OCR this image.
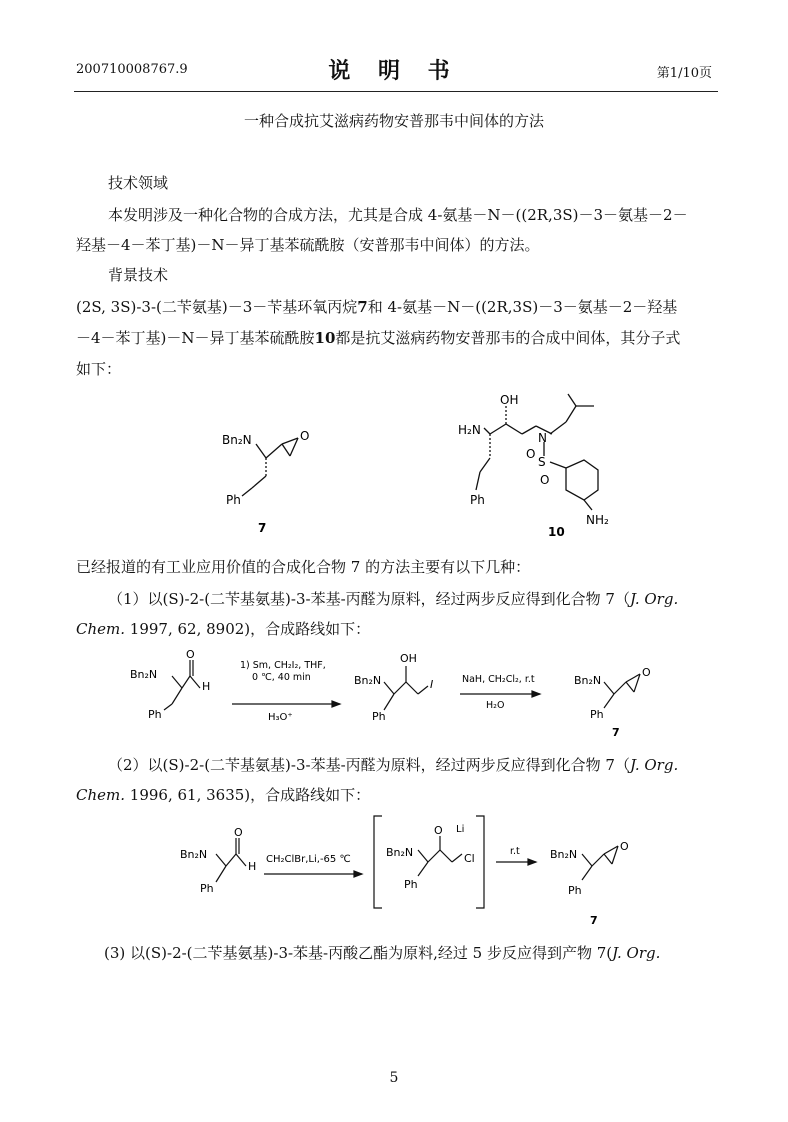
200710008767.9	说 明 书	第1/10页
一种合成抗艾滋病药物安普那韦中间体的方法
技术领域
本发明涉及一种化合物的合成方法，尤其是合成 4-氨基－N－((2R,3S)－3－氨基－2－
羟基－4－苯丁基)－N－异丁基苯硫酰胺（安普那韦中间体）的方法。
背景技术
(2S, 3S)-3-(二苄氨基)－3－苄基环氧丙烷7和 4-氨基－N－((2R,3S)－3－氨基－2－羟基
－4－苯丁基)－N－异丁基苯硫酰胺10都是抗艾滋病药物安普那韦的合成中间体，其分子式
如下：
Bn₂N	O
Ph
7
H₂N
OH
N
S
O
O
Ph
NH₂
10
已经报道的有工业应用价值的合成化合物 7 的方法主要有以下几种：
（1）以(S)-2-(二苄基氨基)-3-苯基-丙醛为原料，经过两步反应得到化合物 7（J. Org.
Chem. 1997, 62, 8902)，合成路线如下：
Bn₂N
O
H
Ph
1) Sm, CH₂I₂, THF,
0 ℃, 40 min
H₃O⁺
Bn₂N
OH
I
Ph
NaH, CH₂Cl₂, r.t
H₂O
Bn₂N
O
Ph
7
（2）以(S)-2-(二苄基氨基)-3-苯基-丙醛为原料，经过两步反应得到化合物 7（J. Org.
Chem. 1996, 61, 3635)，合成路线如下：
Bn₂N
O
H
Ph
CH₂ClBr,Li,-65 ℃
Bn₂N
O Li
Cl
Ph
r.t	Bn₂N
O
Ph
7
(3) 以(S)-2-(二苄基氨基)-3-苯基-丙酸乙酯为原料,经过 5 步反应得到产物 7(J. Org.
5
